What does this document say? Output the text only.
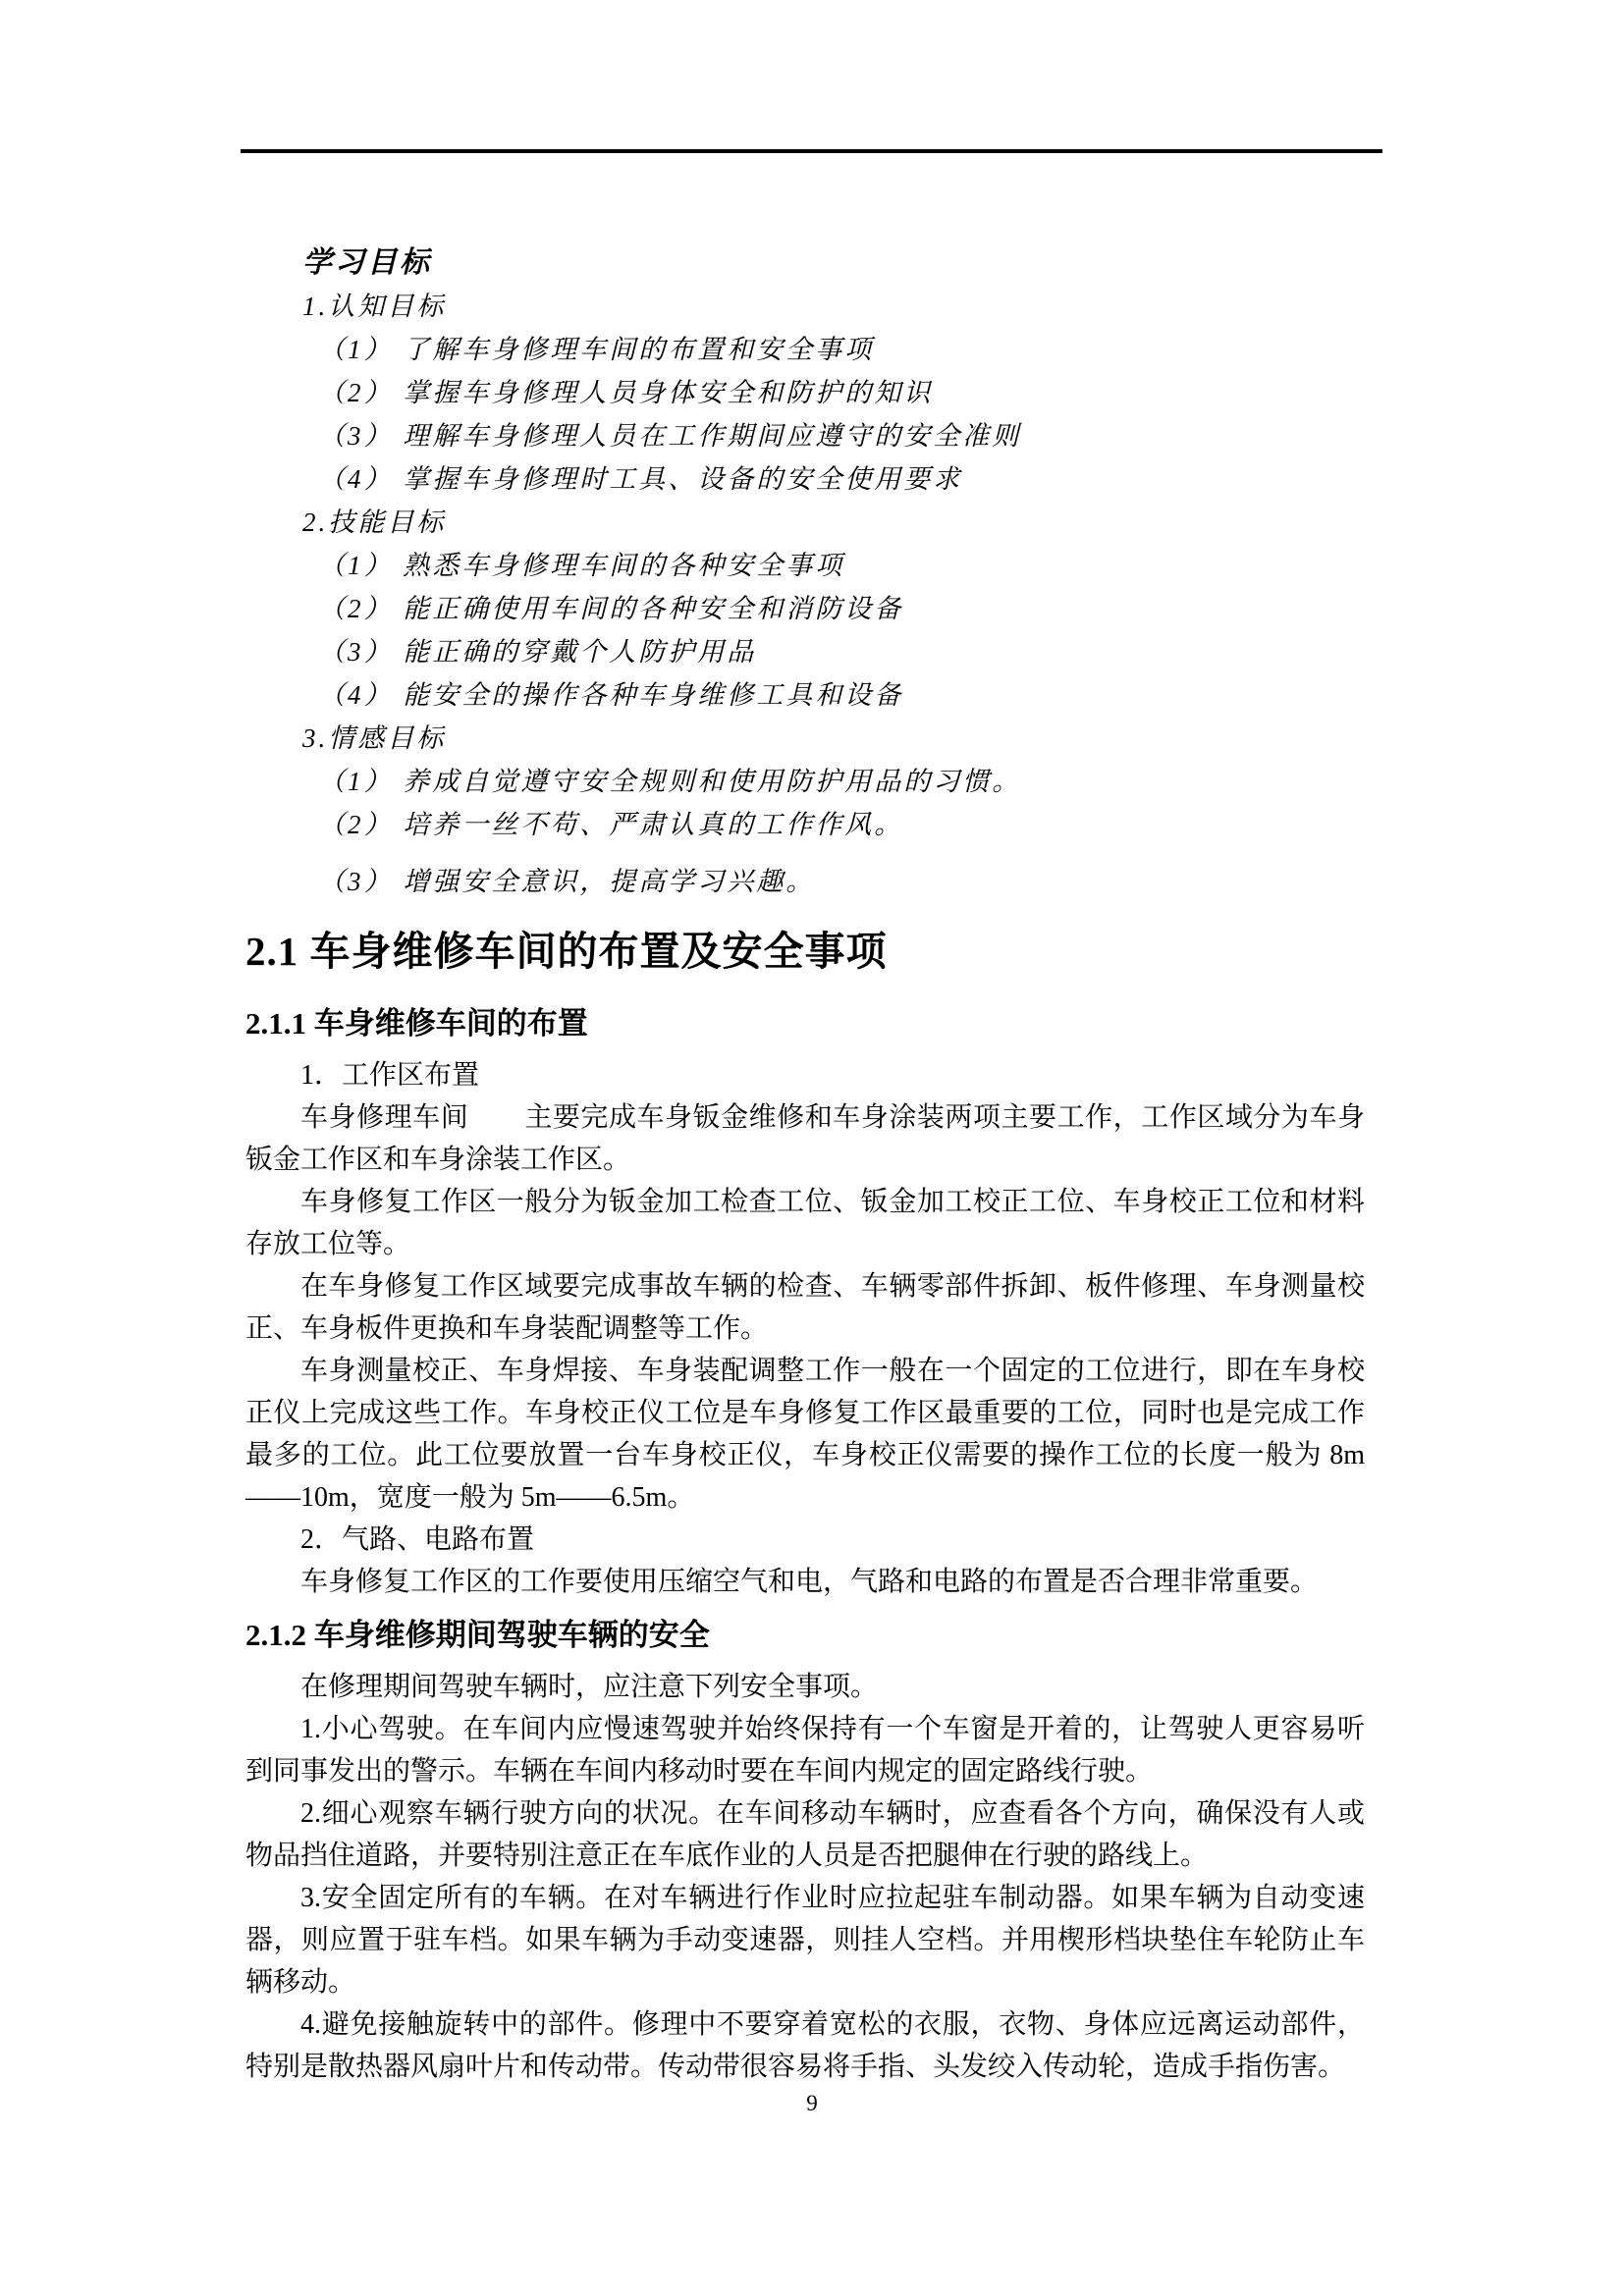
学习目标
1.认知目标
（1） 了解车身修理车间的布置和安全事项
（2） 掌握车身修理人员身体安全和防护的知识
（3） 理解车身修理人员在工作期间应遵守的安全准则
（4） 掌握车身修理时工具、设备的安全使用要求
2.技能目标
（1） 熟悉车身修理车间的各种安全事项
（2） 能正确使用车间的各种安全和消防设备
（3） 能正确的穿戴个人防护用品
（4） 能安全的操作各种车身维修工具和设备
3.情感目标
（1） 养成自觉遵守安全规则和使用防护用品的习惯。
（2） 培养一丝不苟、严肃认真的工作作风。
（3） 增强安全意识，提高学习兴趣。
2.1 车身维修车间的布置及安全事项
2.1.1 车身维修车间的布置

1．工作区布置

车身修理车间　　主要完成车身钣金维修和车身涂装两项主要工作，工作区域分为车身钣金工作区和车身涂装工作区。

车身修复工作区一般分为钣金加工检查工位、钣金加工校正工位、车身校正工位和材料存放工位等。

在车身修复工作区域要完成事故车辆的检查、车辆零部件拆卸、板件修理、车身测量校正、车身板件更换和车身装配调整等工作。

车身测量校正、车身焊接、车身装配调整工作一般在一个固定的工位进行，即在车身校正仪上完成这些工作。车身校正仪工位是车身修复工作区最重要的工位，同时也是完成工作最多的工位。此工位要放置一台车身校正仪，车身校正仪需要的操作工位的长度一般为 8m——10m，宽度一般为 5m——6.5m。

2．气路、电路布置

车身修复工作区的工作要使用压缩空气和电，气路和电路的布置是否合理非常重要。

2.1.2 车身维修期间驾驶车辆的安全

在修理期间驾驶车辆时，应注意下列安全事项。

1.小心驾驶。在车间内应慢速驾驶并始终保持有一个车窗是开着的，让驾驶人更容易听到同事发出的警示。车辆在车间内移动时要在车间内规定的固定路线行驶。

2.细心观察车辆行驶方向的状况。在车间移动车辆时，应查看各个方向，确保没有人或物品挡住道路，并要特别注意正在车底作业的人员是否把腿伸在行驶的路线上。

3.安全固定所有的车辆。在对车辆进行作业时应拉起驻车制动器。如果车辆为自动变速器，则应置于驻车档。如果车辆为手动变速器，则挂人空档。并用楔形档块垫住车轮防止车辆移动。

4.避免接触旋转中的部件。修理中不要穿着宽松的衣服，衣物、身体应远离运动部件，特别是散热器风扇叶片和传动带。传动带很容易将手指、头发绞入传动轮，造成手指伤害。

9
